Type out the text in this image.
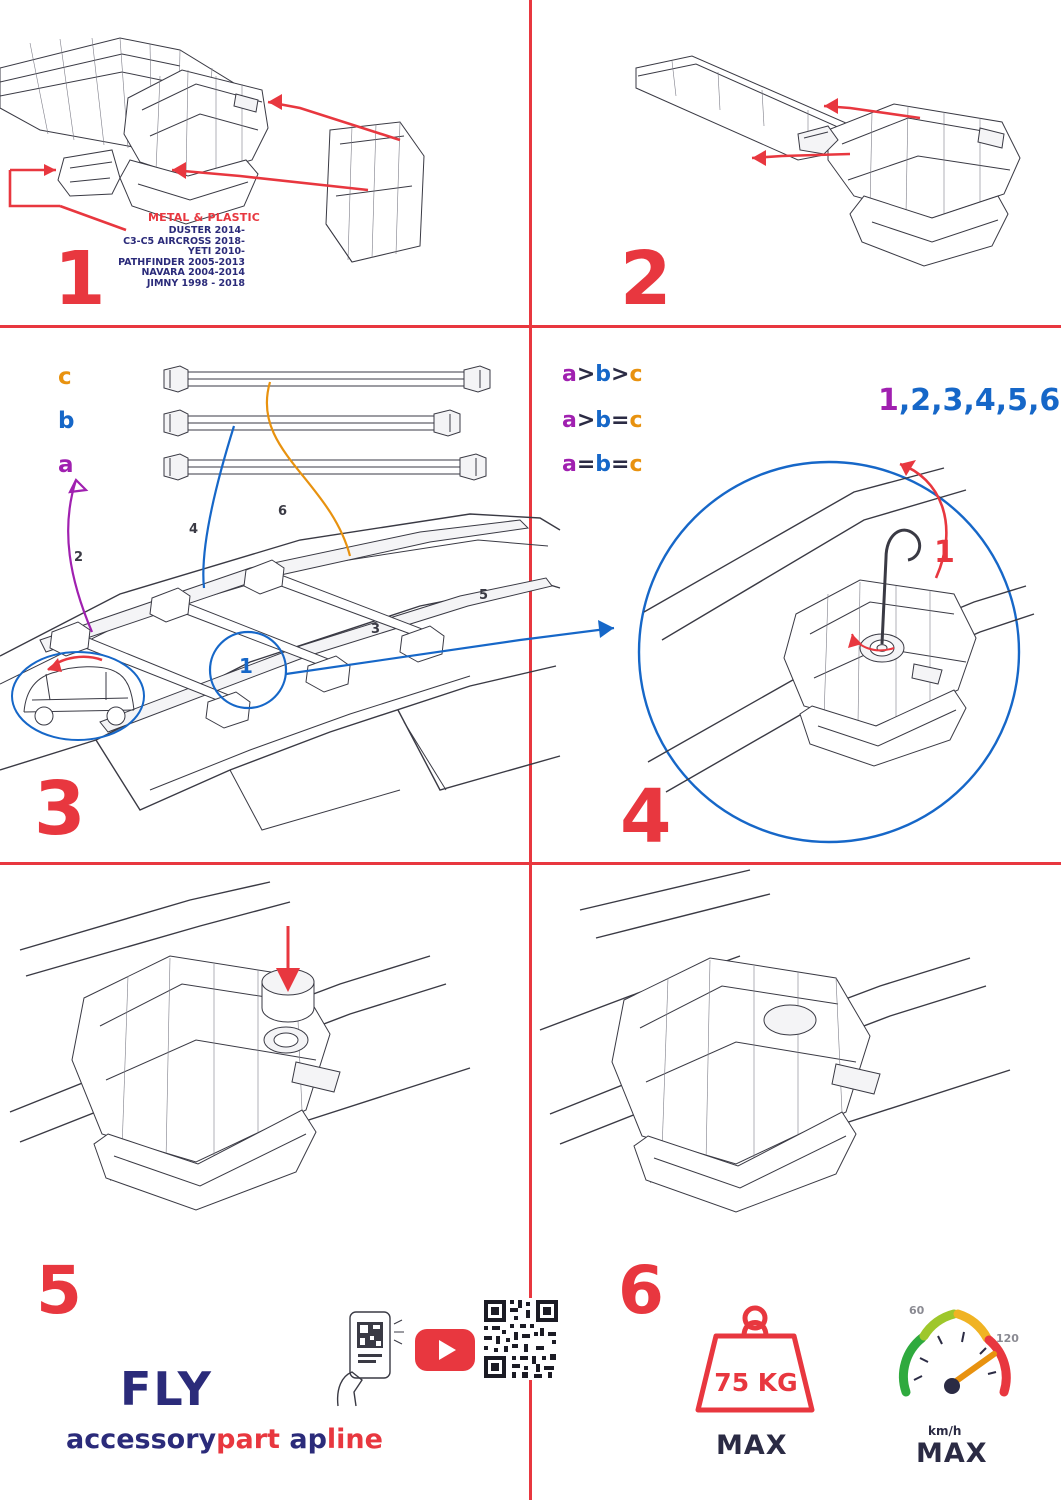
METAL & PLASTIC
DUSTER 2014-
C3-C5 AIRCROSS 2018-
YETI 2010-
PATHFINDER 2005-2013
NAVARA 2004-2014
JIMNY 1998 - 2018
1	2
c
b
a
a>b>c
a>b=c
a=b=c
2
4
6
3
5
1
3
1,2,3,4,5,6
1
4
5
FLY
accessorypart apline
6
75 KG
MAX
60
120
km/h
MAX
